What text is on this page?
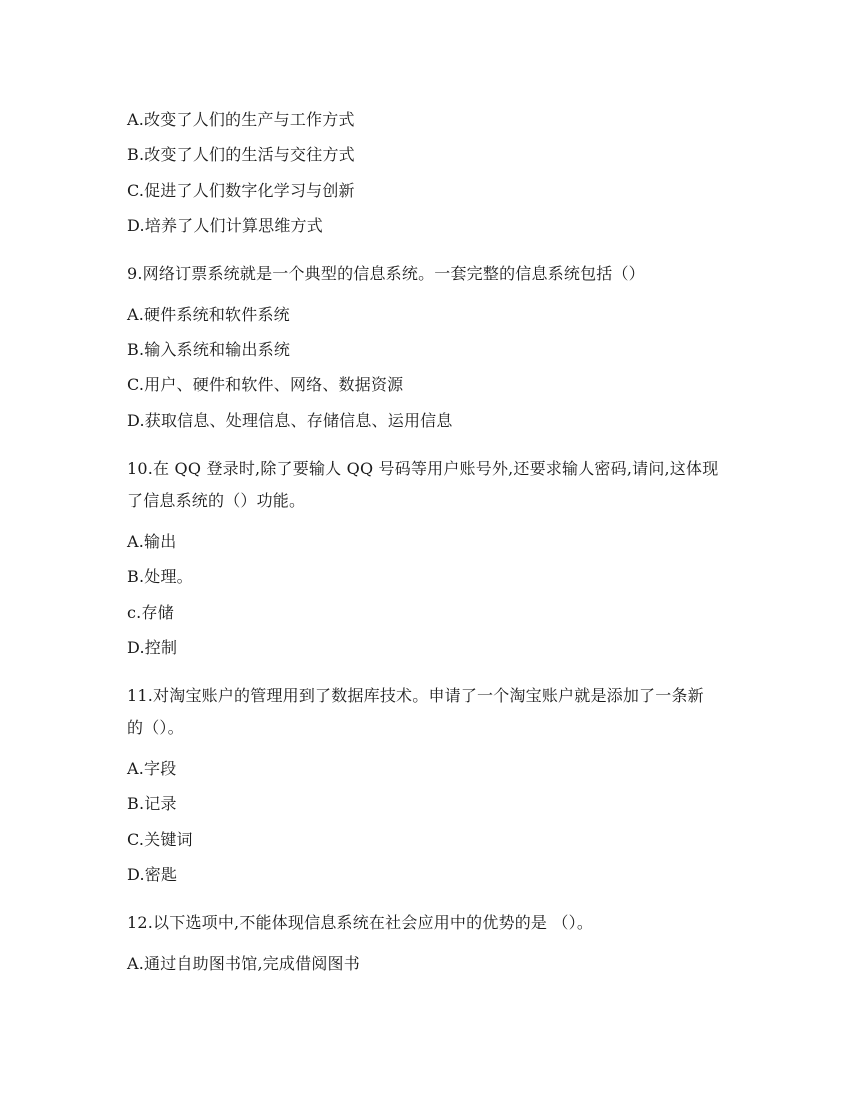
A.改变了人们的生产与工作方式
B.改变了人们的生活与交往方式
C.促进了人们数字化学习与创新
D.培养了人们计算思维方式
9.网络订票系统就是一个典型的信息系统。一套完整的信息系统包括（）
A.硬件系统和软件系统
B.输入系统和输出系统
C.用户、硬件和软件、网络、数据资源
D.获取信息、处理信息、存储信息、运用信息
10.在 QQ 登录时,除了要输人 QQ 号码等用户账号外,还要求输人密码,请问,这体现
了信息系统的（）功能。
A.输出
B.处理。
c.存储
D.控制
11.对淘宝账户的管理用到了数据库技术。申请了一个淘宝账户就是添加了一条新
的（）。
A.字段
B.记录
C.关键词
D.密匙
12.以下选项中,不能体现信息系统在社会应用中的优势的是 （）。
A.通过自助图书馆,完成借阅图书
